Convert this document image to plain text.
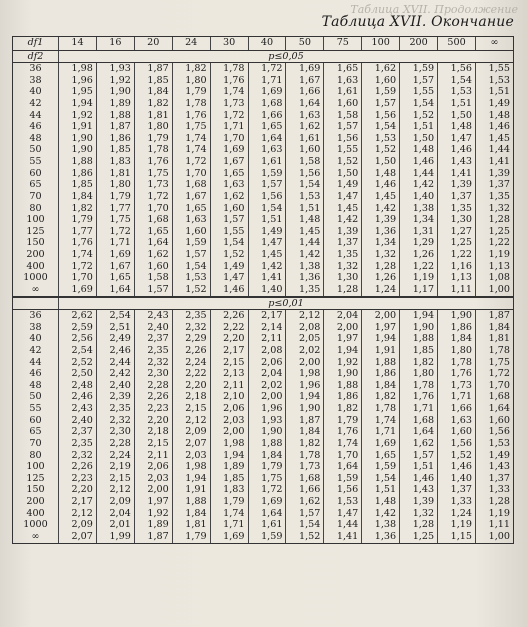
Таблица XVII. Продолжение
Таблица XVII. Окончание
df1	14	16	20	24	30	40	50	75	100	200	500	∞
df2	p≤0,05											
36	1,98	1,93	1,87	1,82	1,78	1,72	1,69	1,65	1,62	1,59	1,56	1,55
38	1,96	1,92	1,85	1,80	1,76	1,71	1,67	1,63	1,60	1,57	1,54	1,53
40	1,95	1,90	1,84	1,79	1,74	1,69	1,66	1,61	1,59	1,55	1,53	1,51
42	1,94	1,89	1,82	1,78	1,73	1,68	1,64	1,60	1,57	1,54	1,51	1,49
44	1,92	1,88	1,81	1,76	1,72	1,66	1,63	1,58	1,56	1,52	1,50	1,48
46	1,91	1,87	1,80	1,75	1,71	1,65	1,62	1,57	1,54	1,51	1,48	1,46
48	1,90	1,86	1,79	1,74	1,70	1,64	1,61	1,56	1,53	1,50	1,47	1,45
50	1,90	1,85	1,78	1,74	1,69	1,63	1,60	1,55	1,52	1,48	1,46	1,44
55	1,88	1,83	1,76	1,72	1,67	1,61	1,58	1,52	1,50	1,46	1,43	1,41
60	1,86	1,81	1,75	1,70	1,65	1,59	1,56	1,50	1,48	1,44	1,41	1,39
65	1,85	1,80	1,73	1,68	1,63	1,57	1,54	1,49	1,46	1,42	1,39	1,37
70	1,84	1,79	1,72	1,67	1,62	1,56	1,53	1,47	1,45	1,40	1,37	1,35
80	1,82	1,77	1,70	1,65	1,60	1,54	1,51	1,45	1,42	1,38	1,35	1,32
100	1,79	1,75	1,68	1,63	1,57	1,51	1,48	1,42	1,39	1,34	1,30	1,28
125	1,77	1,72	1,65	1,60	1,55	1,49	1,45	1,39	1,36	1,31	1,27	1,25
150	1,76	1,71	1,64	1,59	1,54	1,47	1,44	1,37	1,34	1,29	1,25	1,22
200	1,74	1,69	1,62	1,57	1,52	1,45	1,42	1,35	1,32	1,26	1,22	1,19
400	1,72	1,67	1,60	1,54	1,49	1,42	1,38	1,32	1,28	1,22	1,16	1,13
1000	1,70	1,65	1,58	1,53	1,47	1,41	1,36	1,30	1,26	1,19	1,13	1,08
∞	1,69	1,64	1,57	1,52	1,46	1,40	1,35	1,28	1,24	1,17	1,11	1,00
	p≤0,01											
36	2,62	2,54	2,43	2,35	2,26	2,17	2,12	2,04	2,00	1,94	1,90	1,87
38	2,59	2,51	2,40	2,32	2,22	2,14	2,08	2,00	1,97	1,90	1,86	1,84
40	2,56	2,49	2,37	2,29	2,20	2,11	2,05	1,97	1,94	1,88	1,84	1,81
42	2,54	2,46	2,35	2,26	2,17	2,08	2,02	1,94	1,91	1,85	1,80	1,78
44	2,52	2,44	2,32	2,24	2,15	2,06	2,00	1,92	1,88	1,82	1,78	1,75
46	2,50	2,42	2,30	2,22	2,13	2,04	1,98	1,90	1,86	1,80	1,76	1,72
48	2,48	2,40	2,28	2,20	2,11	2,02	1,96	1,88	1,84	1,78	1,73	1,70
50	2,46	2,39	2,26	2,18	2,10	2,00	1,94	1,86	1,82	1,76	1,71	1,68
55	2,43	2,35	2,23	2,15	2,06	1,96	1,90	1,82	1,78	1,71	1,66	1,64
60	2,40	2,32	2,20	2,12	2,03	1,93	1,87	1,79	1,74	1,68	1,63	1,60
65	2,37	2,30	2,18	2,09	2,00	1,90	1,84	1,76	1,71	1,64	1,60	1,56
70	2,35	2,28	2,15	2,07	1,98	1,88	1,82	1,74	1,69	1,62	1,56	1,53
80	2,32	2,24	2,11	2,03	1,94	1,84	1,78	1,70	1,65	1,57	1,52	1,49
100	2,26	2,19	2,06	1,98	1,89	1,79	1,73	1,64	1,59	1,51	1,46	1,43
125	2,23	2,15	2,03	1,94	1,85	1,75	1,68	1,59	1,54	1,46	1,40	1,37
150	2,20	2,12	2,00	1,91	1,83	1,72	1,66	1,56	1,51	1,43	1,37	1,33
200	2,17	2,09	1,97	1,88	1,79	1,69	1,62	1,53	1,48	1,39	1,33	1,28
400	2,12	2,04	1,92	1,84	1,74	1,64	1,57	1,47	1,42	1,32	1,24	1,19
1000	2,09	2,01	1,89	1,81	1,71	1,61	1,54	1,44	1,38	1,28	1,19	1,11
∞	2,07	1,99	1,87	1,79	1,69	1,59	1,52	1,41	1,36	1,25	1,15	1,00
